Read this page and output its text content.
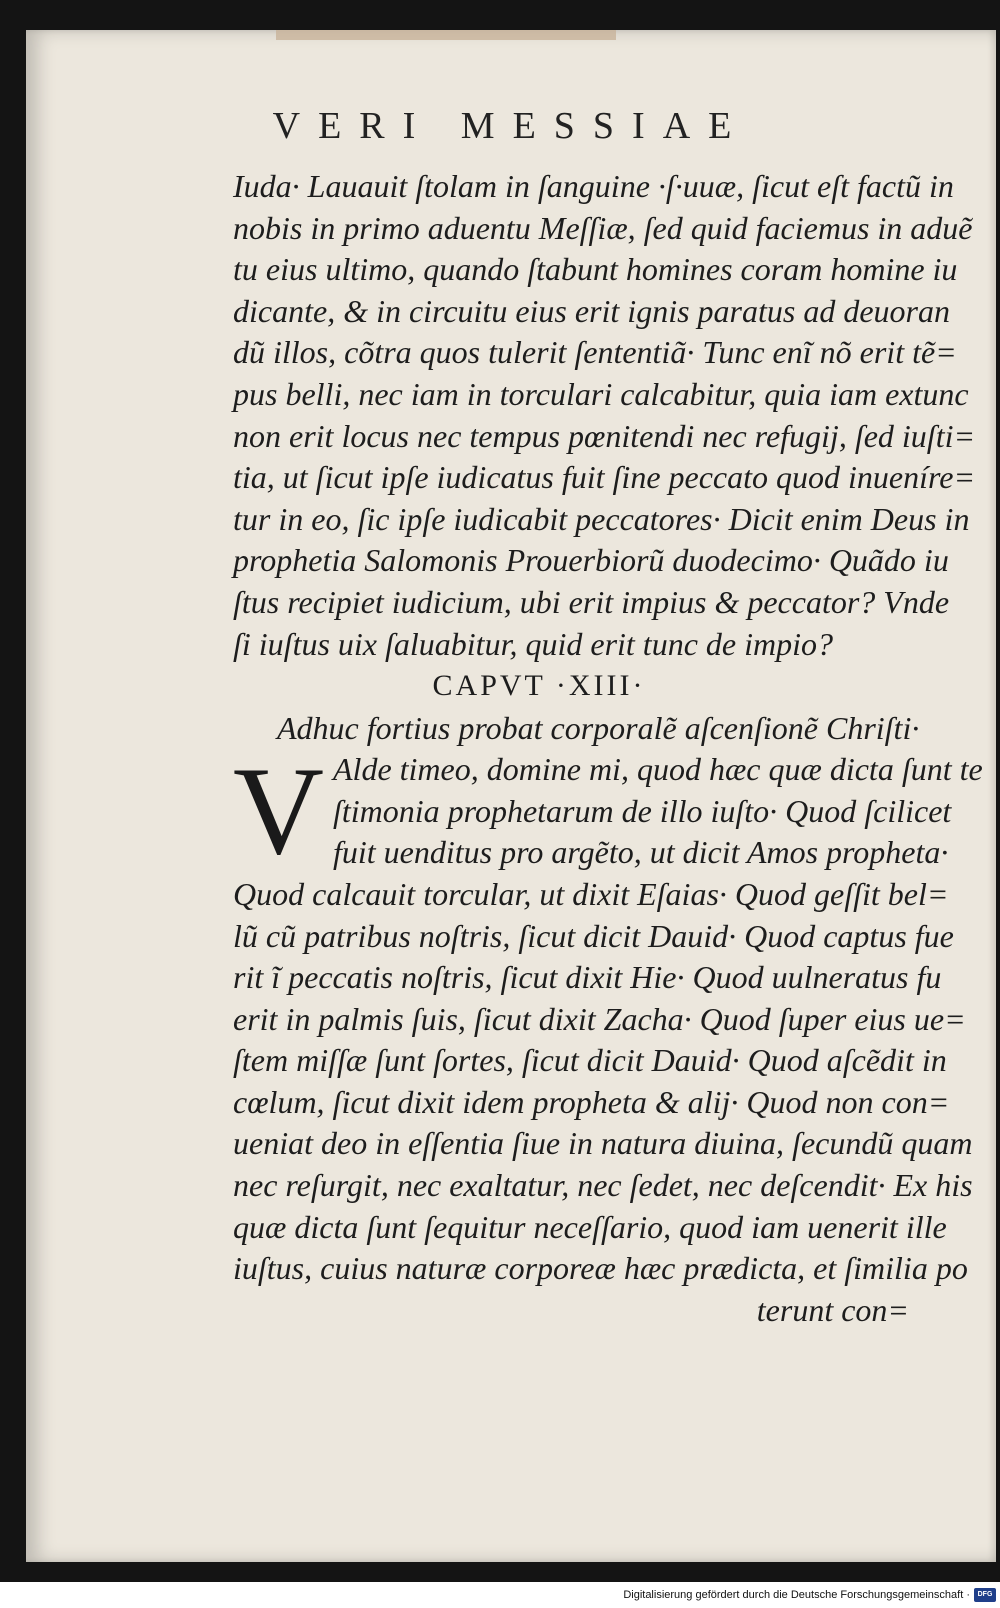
VERI MESSIAE
Iuda· Lauauit ſtolam in ſanguine ·ſ·uuæ, ſicut eſt factũ in
nobis in primo aduentu Meſſiæ, ſed quid faciemus in aduẽ
tu eius ultimo, quando ſtabunt homines coram homine iu
dicante, & in circuitu eius erit ignis paratus ad deuoran
dũ illos, cõtra quos tulerit ſententiã· Tunc enĩ nõ erit tẽ=
pus belli, nec iam in torculari calcabitur, quia iam extunc
non erit locus nec tempus pœnitendi nec refugij, ſed iuſti=
tia, ut ſicut ipſe iudicatus fuit ſine peccato quod inueníre=
tur in eo, ſic ipſe iudicabit peccatores· Dicit enim Deus in
prophetia Salomonis Prouerbiorũ duodecimo· Quãdo iu
ſtus recipiet iudicium, ubi erit impius & peccator? Vnde
ſi iuſtus uix ſaluabitur, quid erit tunc de impio?
CAPVT ·XIII·
Adhuc fortius probat corporalẽ aſcenſionẽ Chriſti·
V Alde timeo, domine mi, quod hæc quæ dicta ſunt te
ſtimonia prophetarum de illo iuſto· Quod ſcilicet
fuit uenditus pro argẽto, ut dicit Amos propheta·
Quod calcauit torcular, ut dixit Eſaias· Quod geſſit bel=
lũ cũ patribus noſtris, ſicut dicit Dauid· Quod captus fue
rit ĩ peccatis noſtris, ſicut dixit Hie· Quod uulneratus fu
erit in palmis ſuis, ſicut dixit Zacha· Quod ſuper eius ue=
ſtem miſſæ ſunt ſortes, ſicut dicit Dauid· Quod aſcẽdit in
cœlum, ſicut dixit idem propheta & alij· Quod non con=
ueniat deo in eſſentia ſiue in natura diuina, ſecundũ quam
nec reſurgit, nec exaltatur, nec ſedet, nec deſcendit· Ex his
quæ dicta ſunt ſequitur neceſſario, quod iam uenerit ille
iuſtus, cuius naturæ corporeæ hæc prædicta, et ſimilia po
terunt con=
Digitalisierung gefördert durch die Deutsche Forschungsgemeinschaft ·	DFG
